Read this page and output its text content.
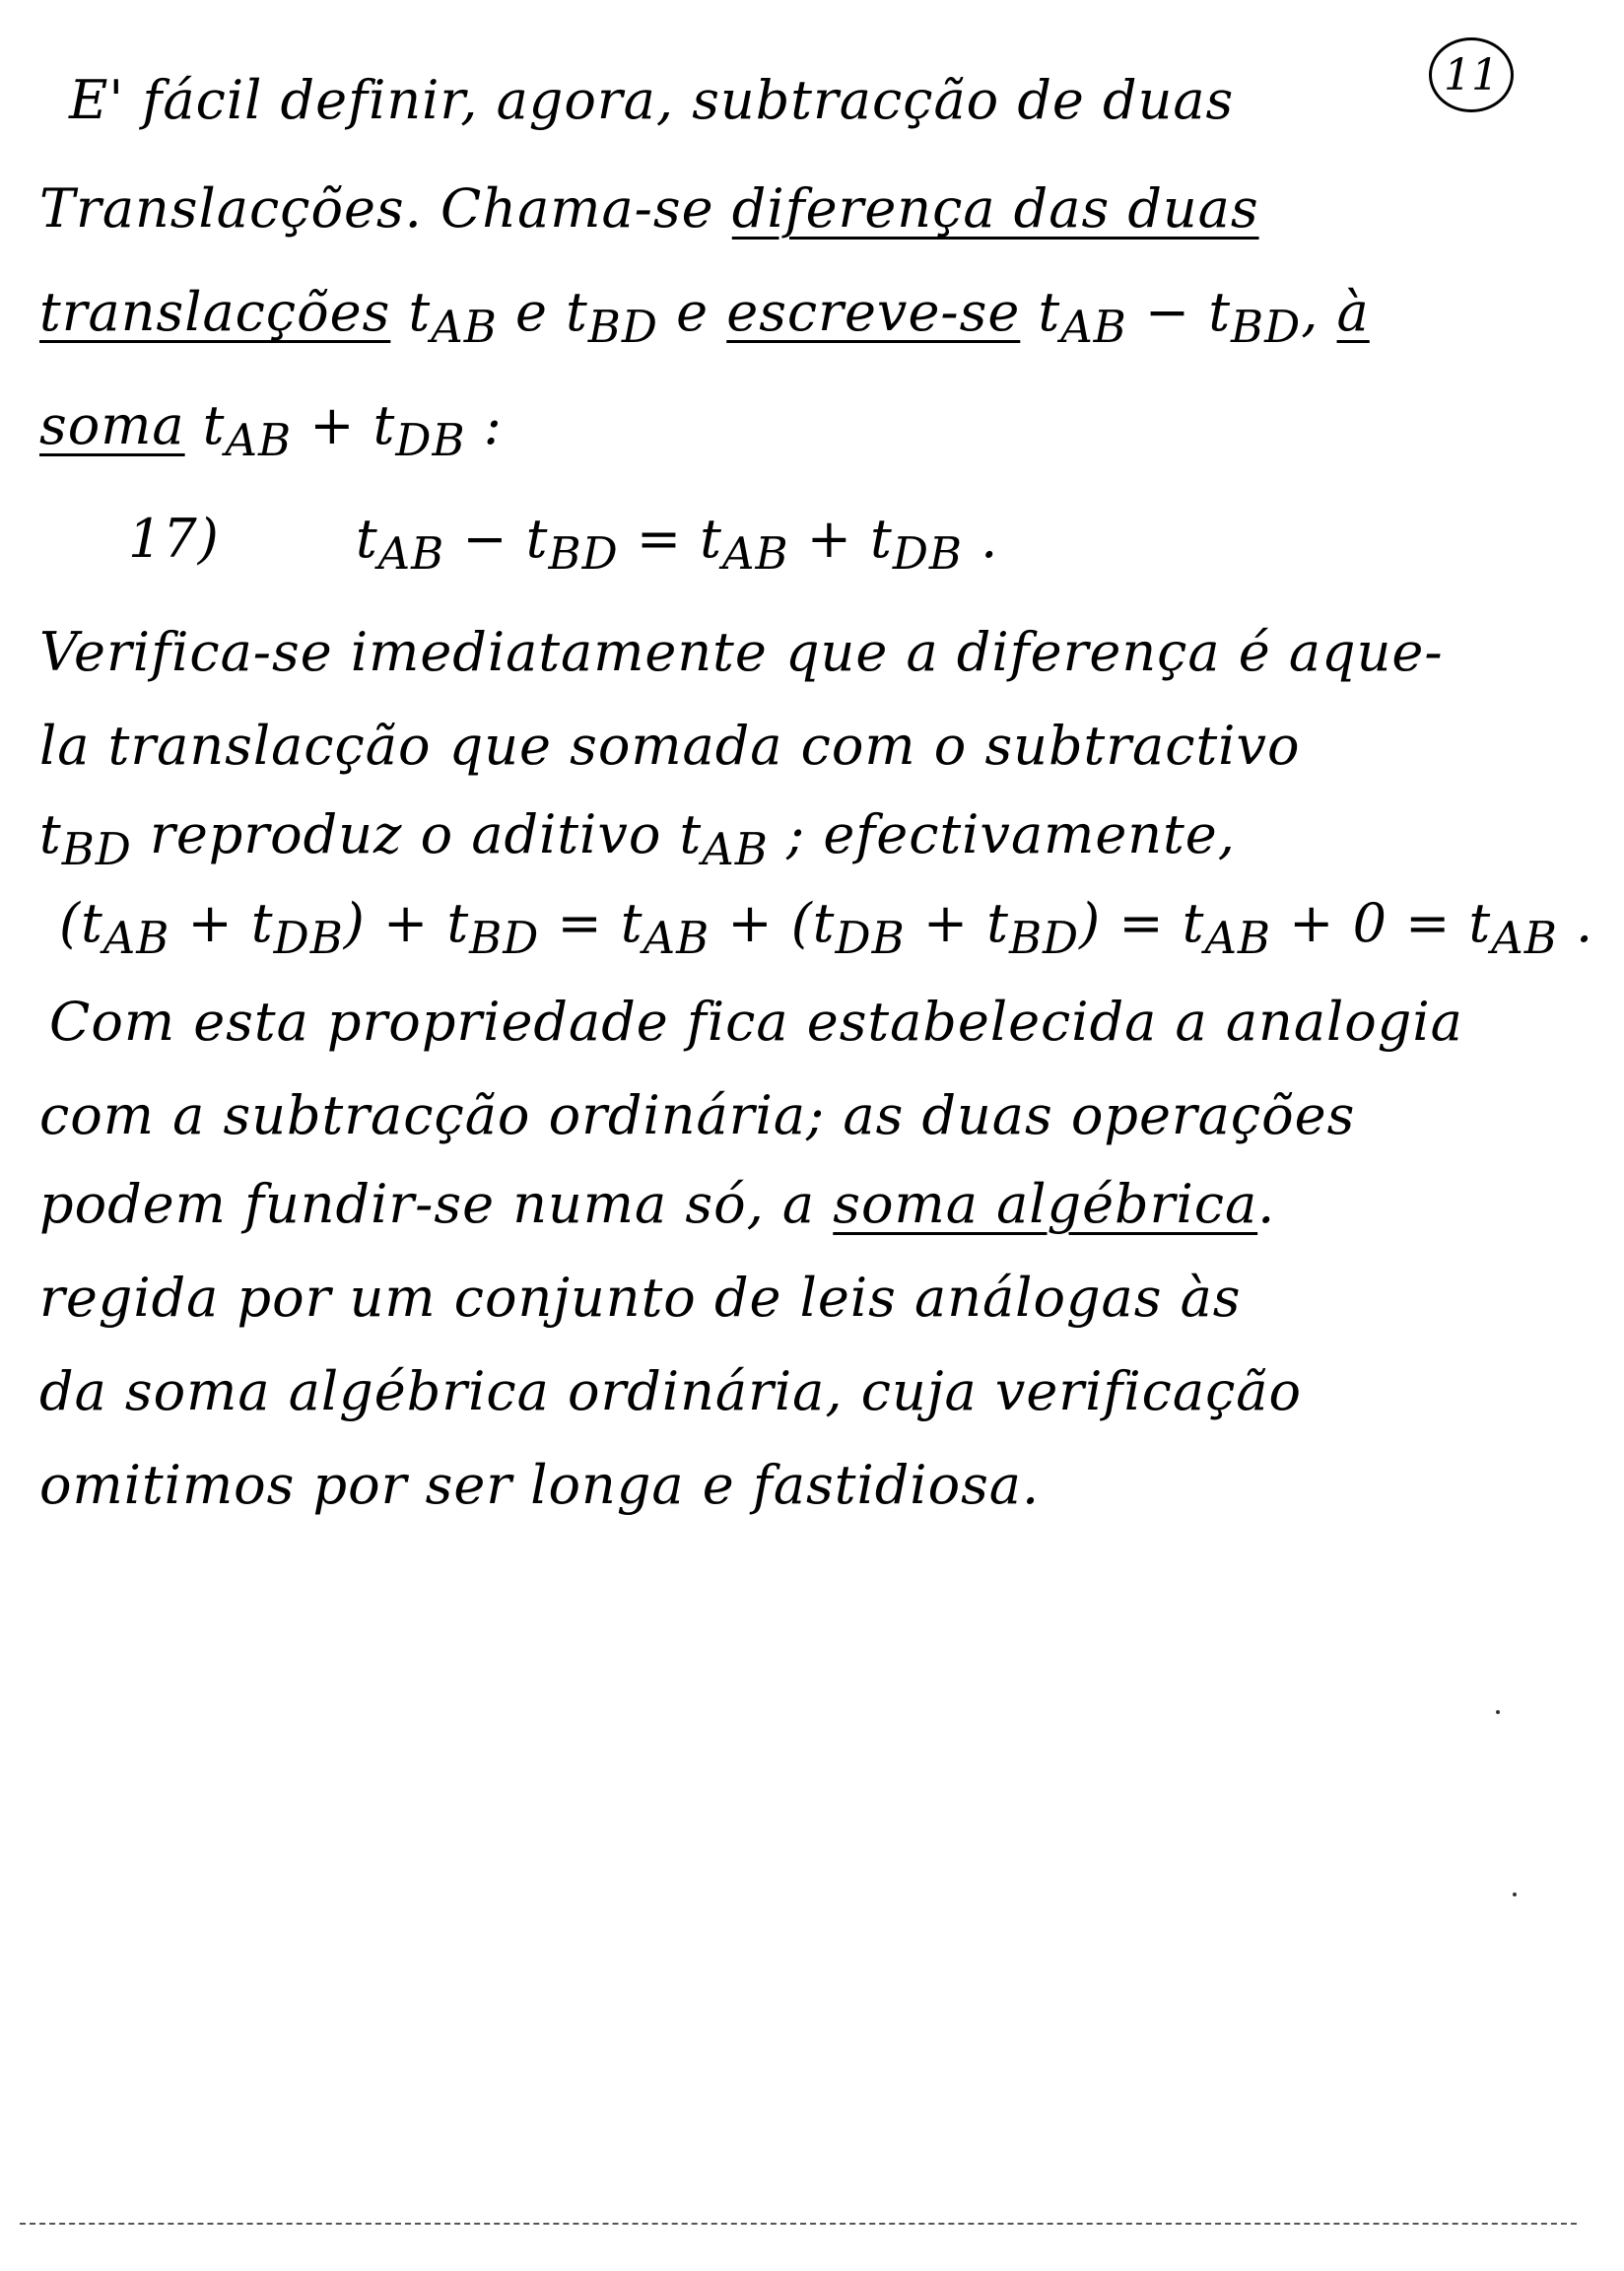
11
E' fácil definir, agora, subtracção de duas
Translacções. Chama-se diferença das duas
translacções $t_{AB}$ e $t_{BD}$ e escreve-se $t_{AB} - t_{BD}$, à
soma $t_{AB} + t_{DB}$ :
17)	$t_{AB} - t_{BD} = t_{AB} + t_{DB}$ .
Verifica-se imediatamente que a diferença é aque-
la translacção que somada com o subtractivo
$t_{BD}$ reproduz o aditivo $t_{AB}$ ; efectivamente,
$(t_{AB} + t_{DB}) + t_{BD} = t_{AB} + (t_{DB} + t_{BD}) = t_{AB} + 0 = t_{AB}$ .
Com esta propriedade fica estabelecida a analogia
com a subtracção ordinária; as duas operações
podem fundir-se numa só, a soma algébrica.
regida por um conjunto de leis análogas às
da soma algébrica ordinária, cuja verificação
omitimos por ser longa e fastidiosa.
